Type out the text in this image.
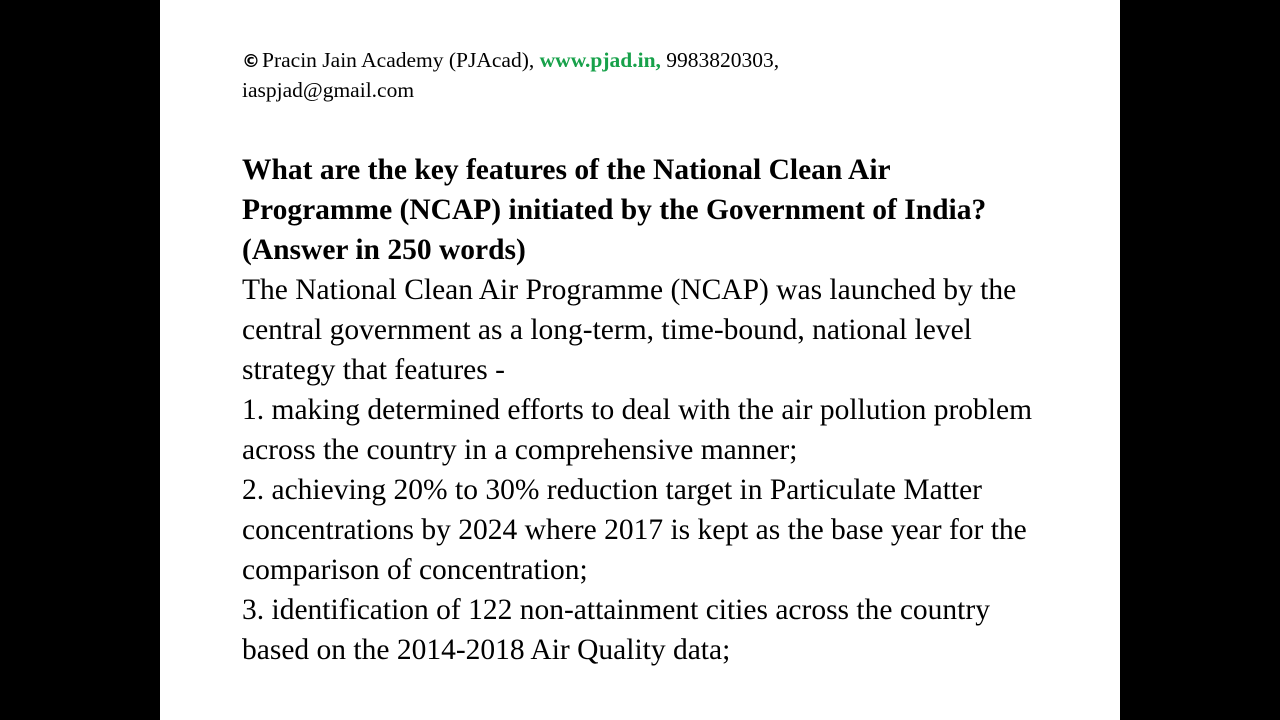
©Pracin Jain Academy (PJAcad), www.pjad.in, 9983820303,
iaspjad@gmail.com

What are the key features of the National Clean Air Programme (NCAP) initiated by the Government of India? (Answer in 250 words)

The National Clean Air Programme (NCAP) was launched by the central government as a long-term, time-bound, national level strategy that features -

1. making determined efforts to deal with the air pollution problem across the country in a comprehensive manner;

2. achieving 20% to 30% reduction target in Particulate Matter concentrations by 2024 where 2017 is kept as the base year for the comparison of concentration;

3. identification of 122 non-attainment cities across the country based on the 2014-2018 Air Quality data;
